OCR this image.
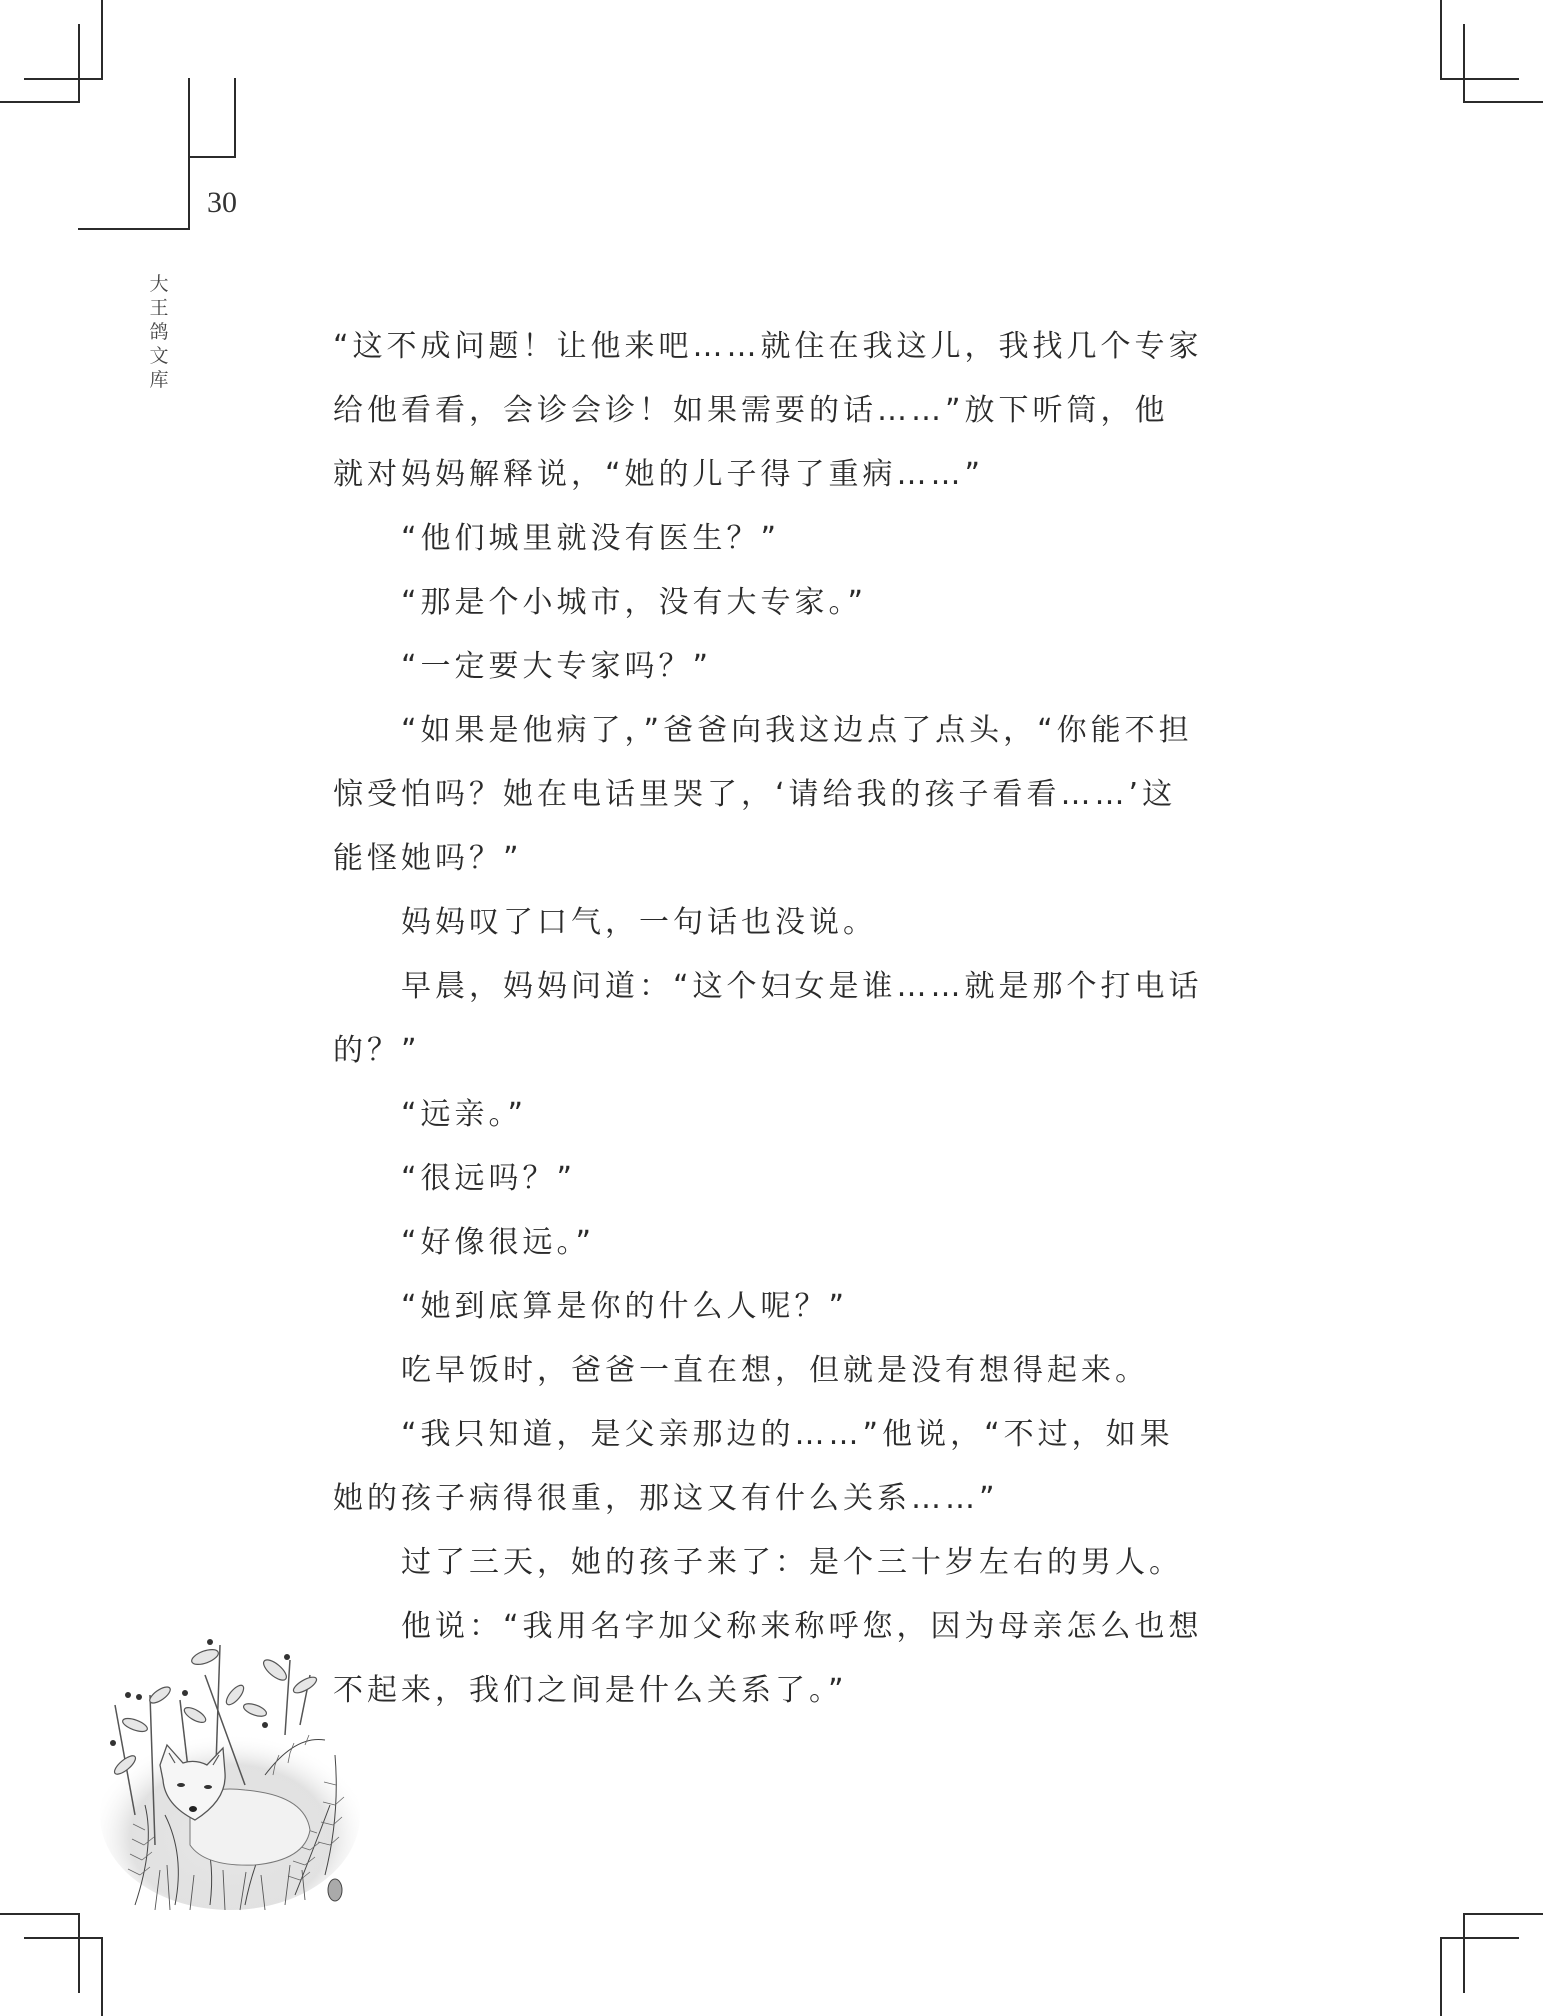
30
大
王
鸽
文
库
“这不成问题！让他来吧……就住在我这儿，我找几个专家
给他看看，会诊会诊！如果需要的话……”放下听筒，他
就对妈妈解释说，“她的儿子得了重病……”
“他们城里就没有医生？”
“那是个小城市，没有大专家。”
“一定要大专家吗？”
“如果是他病了，”爸爸向我这边点了点头，“你能不担
惊受怕吗？她在电话里哭了，‘请给我的孩子看看……’这
能怪她吗？”
妈妈叹了口气，一句话也没说。
早晨，妈妈问道：“这个妇女是谁……就是那个打电话
的？”
“远亲。”
“很远吗？”
“好像很远。”
“她到底算是你的什么人呢？”
吃早饭时，爸爸一直在想，但就是没有想得起来。
“我只知道，是父亲那边的……”他说，“不过，如果
她的孩子病得很重，那这又有什么关系……”
过了三天，她的孩子来了：是个三十岁左右的男人。
他说：“我用名字加父称来称呼您，因为母亲怎么也想
不起来，我们之间是什么关系了。”
